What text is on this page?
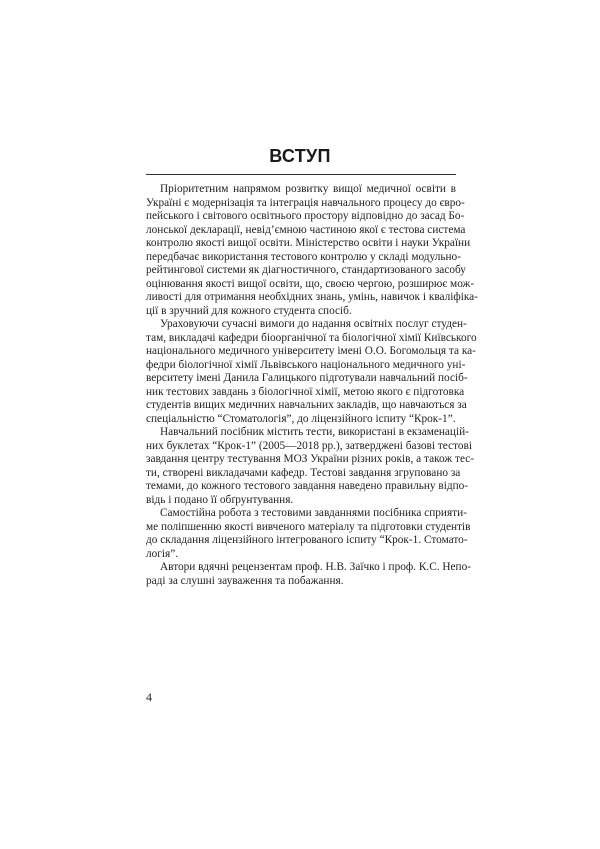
ВСТУП
Пріоритетним напрямом розвитку вищої медичної освіти в
Україні є модернізація та інтеграція навчального процесу до євро-
пейського і світового освітнього простору відповідно до засад Бо-
лонської декларації, невід’ємною частиною якої є тестова система
контролю якості вищої освіти. Міністерство освіти і науки України
передбачає використання тестового контролю у складі модульно-
рейтингової системи як діагностичного, стандартизованого засобу
оцінювання якості вищої освіти, що, своєю чергою, розширює мож-
ливості для отримання необхідних знань, умінь, навичок і кваліфіка-
ції в зручний для кожного студента спосіб.
Ураховуючи сучасні вимоги до надання освітніх послуг студен-
там, викладачі кафедри біоорганічної та біологічної хімії Київського
національного медичного університету імені О.О. Богомольця та ка-
федри біологічної хімії Львівського національного медичного уні-
верситету імені Данила Галицького підготували навчальний посіб-
ник тестових завдань з біологічної хімії, метою якого є підготовка
студентів вищих медичних навчальних закладів, що навчаються за
спеціальністю “Стоматологія”, до ліцензійного іспиту “Крок-1”.
Навчальний посібник містить тести, використані в екзаменацій-
них буклетах “Крок-1” (2005—2018 рр.), затверджені базові тестові
завдання центру тестування МОЗ України різних років, а також тес-
ти, створені викладачами кафедр. Тестові завдання згруповано за
темами, до кожного тестового завдання наведено правильну відпо-
відь і подано її обґрунтування.
Самостійна робота з тестовими завданнями посібника сприяти-
ме поліпшенню якості вивченого матеріалу та підготовки студентів
до складання ліцензійного інтегрованого іспиту “Крок-1. Стомато-
логія”.
Автори вдячні рецензентам проф. Н.В. Заїчко і проф. К.С. Непо-
раді за слушні зауваження та побажання.
4
